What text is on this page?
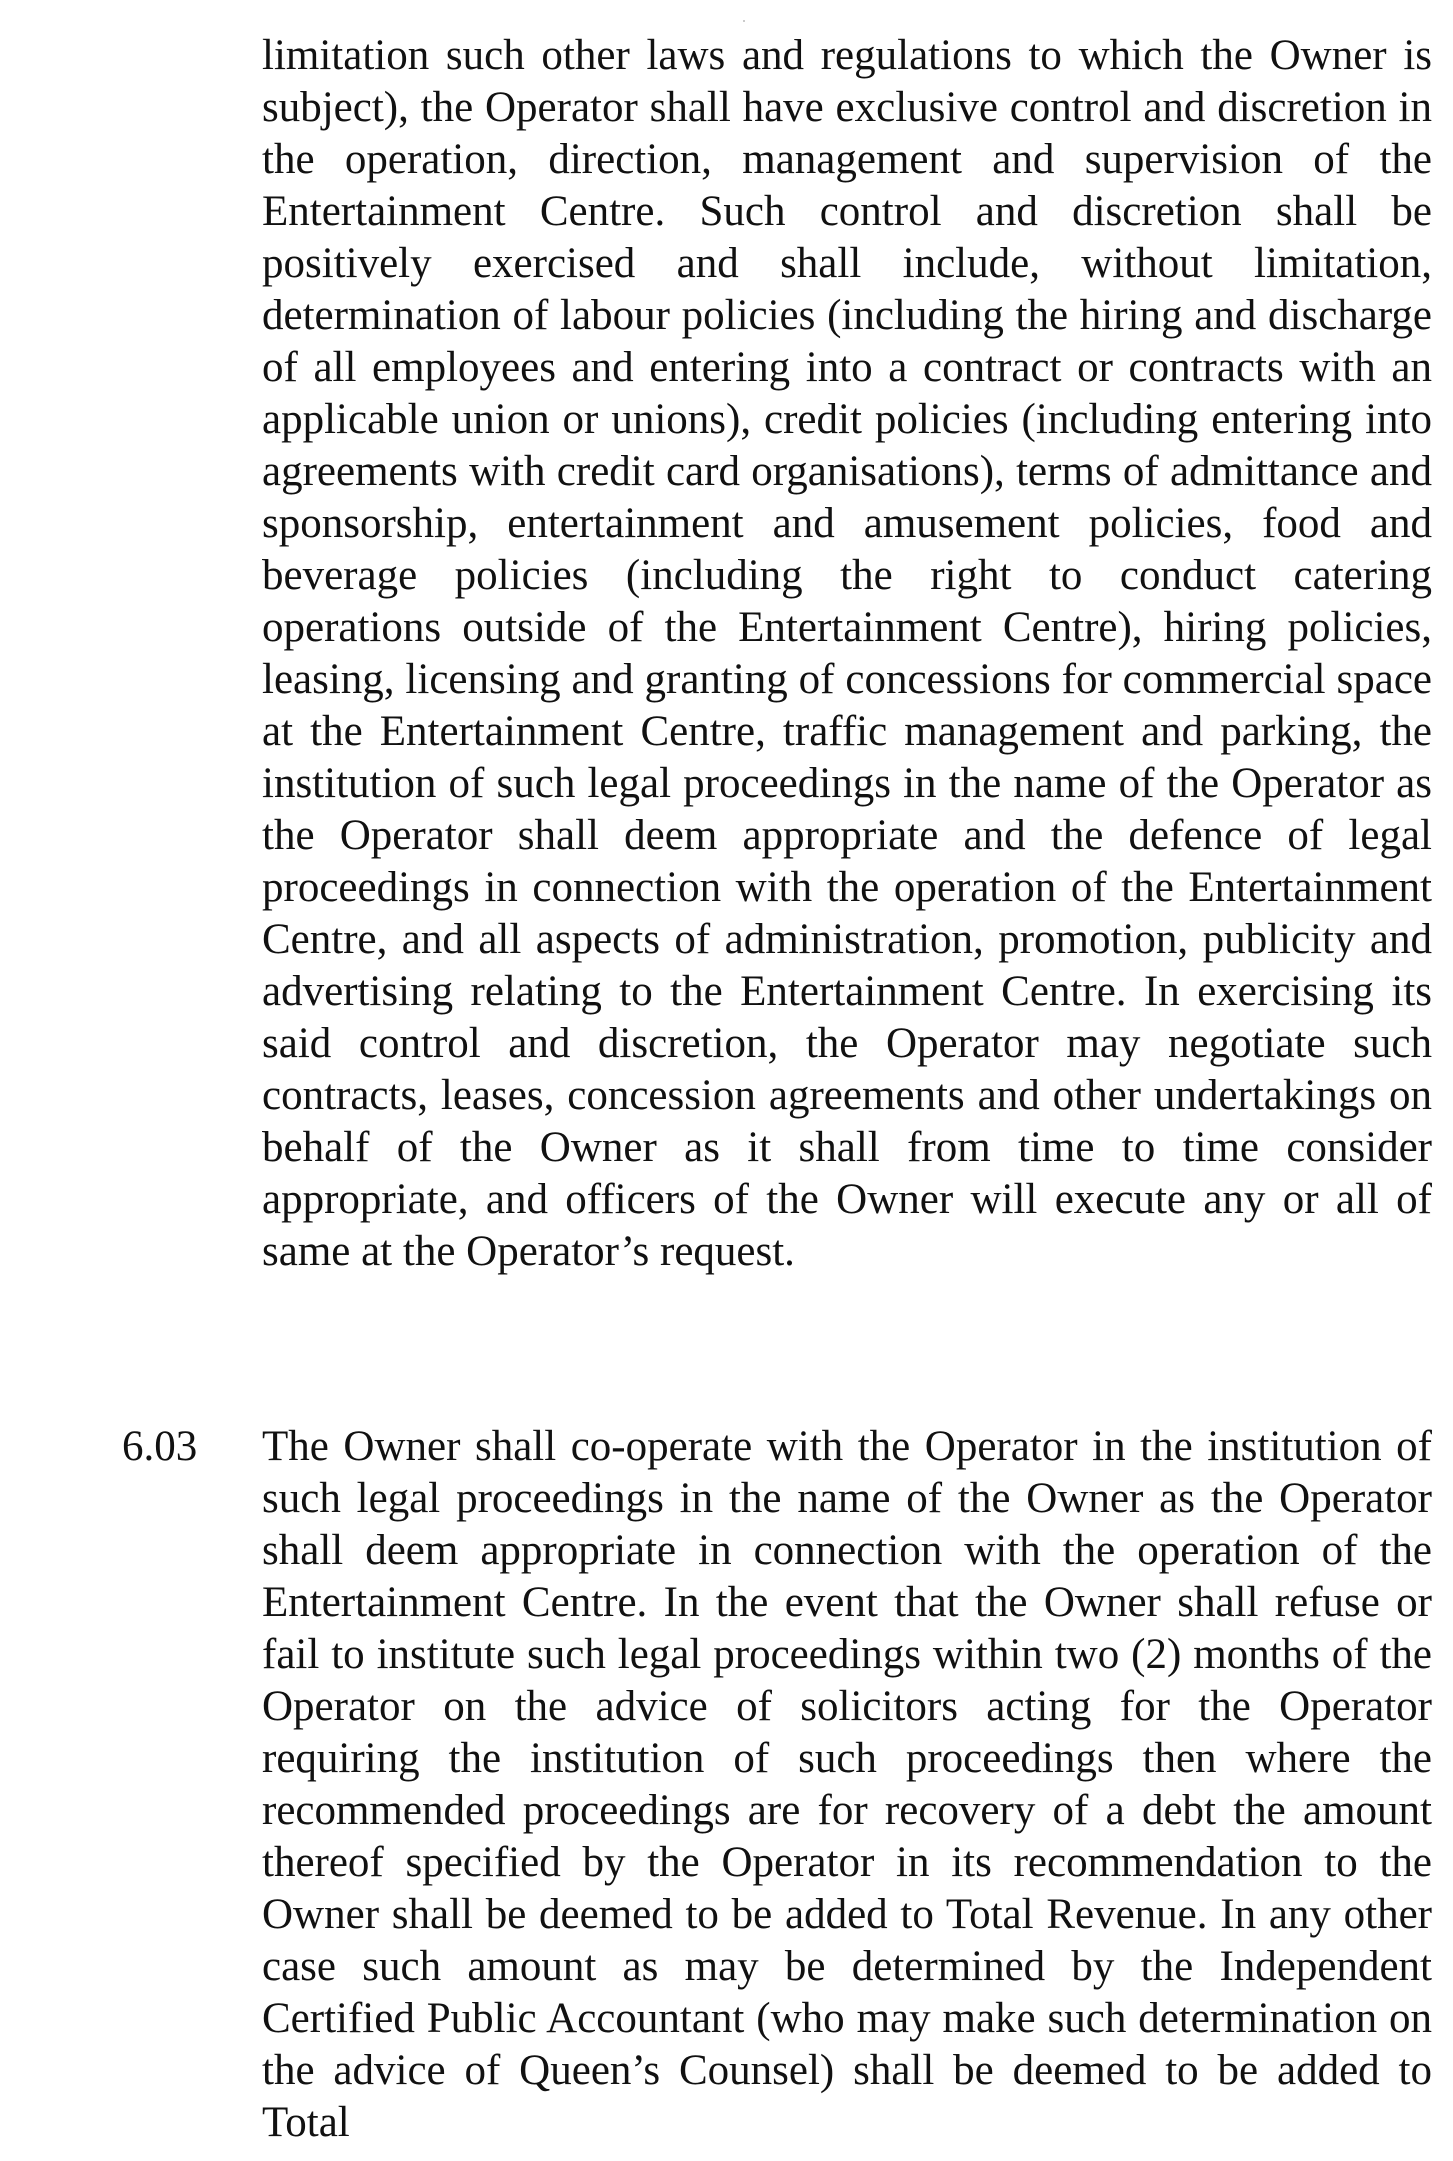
limitation such other laws and regulations to which the Owner is subject), the Operator shall have exclusive control and discretion in the operation, direction, management and supervision of the Entertainment Centre. Such control and discretion shall be positively exercised and shall include, without limitation, determination of labour policies (including the hiring and discharge of all employees and entering into a contract or contracts with an applicable union or unions), credit policies (including entering into agreements with credit card organisations), terms of admittance and sponsorship, entertainment and amusement policies, food and beverage policies (including the right to conduct catering operations outside of the Entertainment Centre), hiring policies, leasing, licensing and granting of concessions for commercial space at the Entertainment Centre, traffic management and parking, the institution of such legal proceedings in the name of the Operator as the Operator shall deem appropriate and the defence of legal proceedings in connection with the operation of the Entertainment Centre, and all aspects of administration, promotion, publicity and advertising relating to the Entertainment Centre. In exercising its said control and discretion, the Operator may negotiate such contracts, leases, concession agreements and other undertakings on behalf of the Owner as it shall from time to time consider appropriate, and officers of the Owner will execute any or all of same at the Operator’s request.

6.03 The Owner shall co-operate with the Operator in the institution of such legal proceedings in the name of the Owner as the Operator shall deem appropriate in connection with the operation of the Entertainment Centre. In the event that the Owner shall refuse or fail to institute such legal proceedings within two (2) months of the Operator on the advice of solicitors acting for the Operator requiring the institution of such proceedings then where the recommended proceedings are for recovery of a debt the amount thereof specified by the Operator in its recommendation to the Owner shall be deemed to be added to Total Revenue. In any other case such amount as may be determined by the Independent Certified Public Accountant (who may make such determination on the advice of Queen’s Counsel) shall be deemed to be added to Total
